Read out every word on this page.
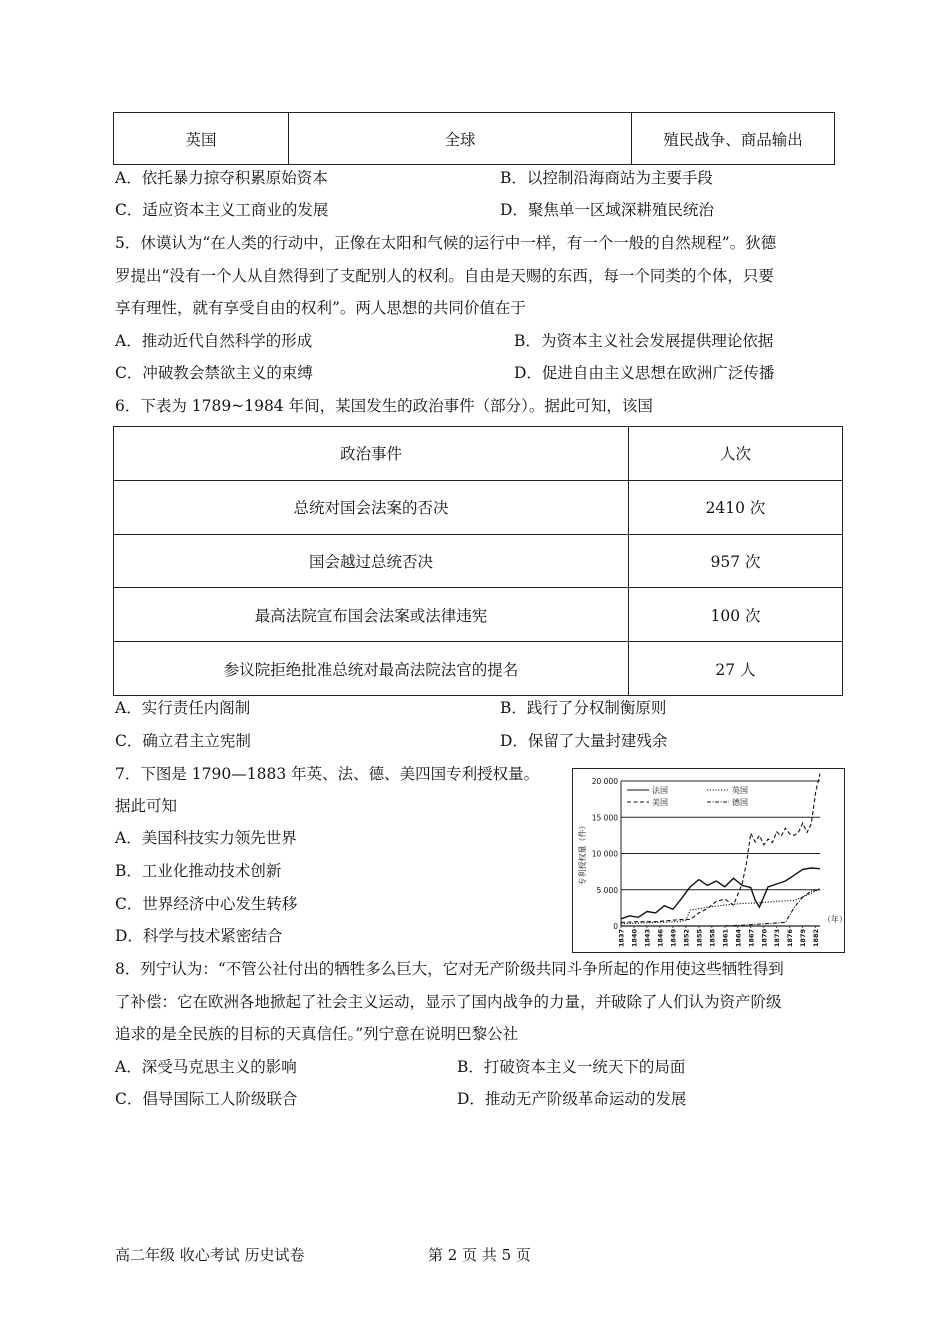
英国	全球	殖民战争、商品输出
A．依托暴力掠夺积累原始资本	B．以控制沿海商站为主要手段
C．适应资本主义工商业的发展	D．聚焦单一区域深耕殖民统治
5．休谟认为“在人类的行动中，正像在太阳和气候的运行中一样，有一个一般的自然规程”。狄德
罗提出“没有一个人从自然得到了支配别人的权利。自由是天赐的东西，每一个同类的个体，只要
享有理性，就有享受自由的权利”。两人思想的共同价值在于
A．推动近代自然科学的形成	B．为资本主义社会发展提供理论依据
C．冲破教会禁欲主义的束缚	D．促进自由主义思想在欧洲广泛传播
6．下表为 1789~1984 年间，某国发生的政治事件（部分）。据此可知，该国
政治事件	人次
总统对国会法案的否决	2410 次
国会越过总统否决	957 次
最高法院宣布国会法案或法律违宪	100 次
参议院拒绝批准总统对最高法院法官的提名	27 人
A．实行责任内阁制	B．践行了分权制衡原则
C．确立君主立宪制	D．保留了大量封建残余
7．下图是 1790—1883 年英、法、德、美四国专利授权量。
据此可知
A．美国科技实力领先世界
B．工业化推动技术创新
C．世界经济中心发生转移
D．科学与技术紧密结合
20 000
15 000
10 000
5 000
0
专利授权量（件）
1837 1840 1843 1846 1849 1852 1855 1858 1861 1864 1867 1870 1873 1876 1879 1882
（年）
法国	英国
美国	德国
8．列宁认为：“不管公社付出的牺牲多么巨大，它对无产阶级共同斗争所起的作用使这些牺牲得到
了补偿：它在欧洲各地掀起了社会主义运动，显示了国内战争的力量，并破除了人们认为资产阶级
追求的是全民族的目标的天真信任。”列宁意在说明巴黎公社
A．深受马克思主义的影响	B．打破资本主义一统天下的局面
C．倡导国际工人阶级联合	D．推动无产阶级革命运动的发展
高二年级 收心考试 历史试卷	第 2 页 共 5 页
